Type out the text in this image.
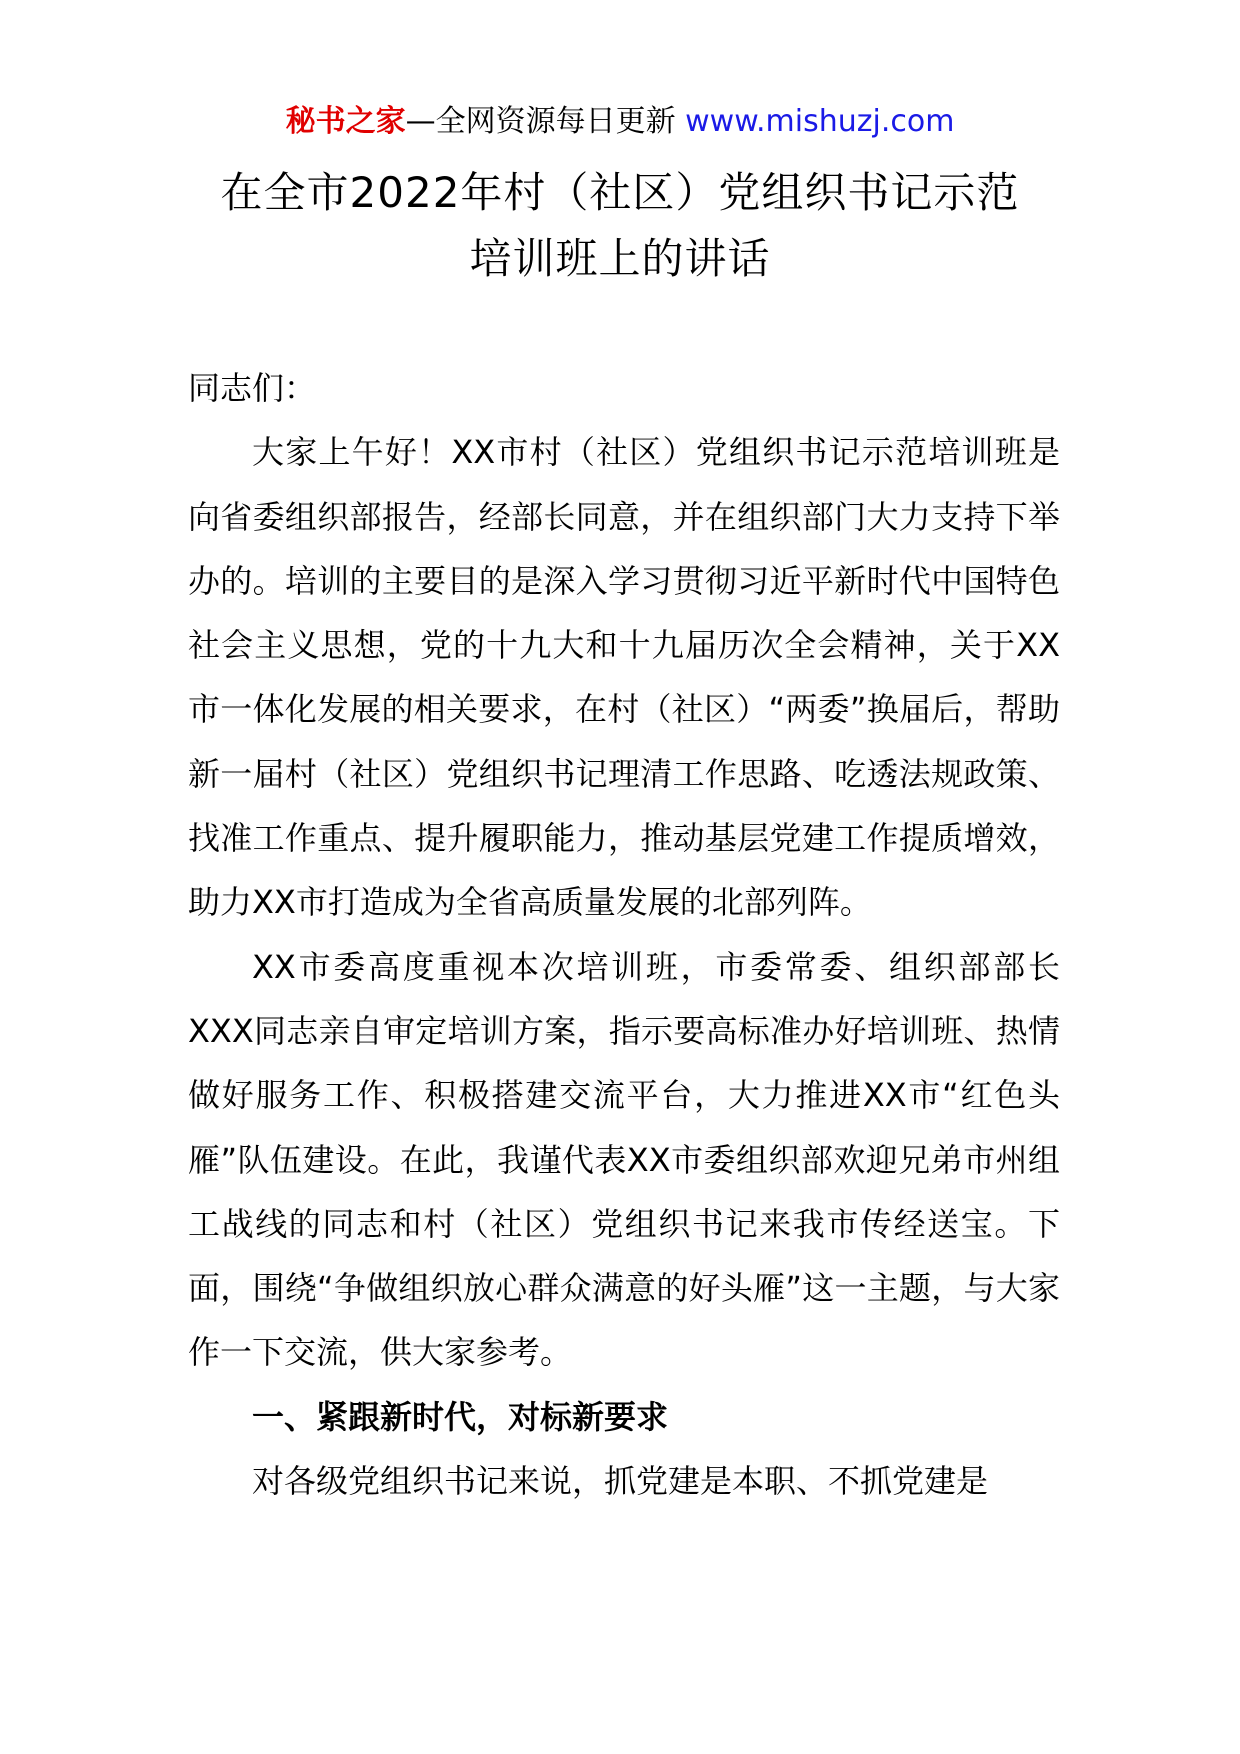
秘书之家—全网资源每日更新 www.mishuzj.com
在全市2022年村（社区）党组织书记示范
培训班上的讲话

同志们：

大家上午好！XX市村（社区）党组织书记示范培训班是向省委组织部报告，经部长同意，并在组织部门大力支持下举办的。培训的主要目的是深入学习贯彻习近平新时代中国特色社会主义思想，党的十九大和十九届历次全会精神，关于XX市一体化发展的相关要求，在村（社区）“两委”换届后，帮助新一届村（社区）党组织书记理清工作思路、吃透法规政策、找准工作重点、提升履职能力，推动基层党建工作提质增效，助力XX市打造成为全省高质量发展的北部列阵。

XX市委高度重视本次培训班，市委常委、组织部部长XXX同志亲自审定培训方案，指示要高标准办好培训班、热情做好服务工作、积极搭建交流平台，大力推进XX市“红色头雁”队伍建设。在此，我谨代表XX市委组织部欢迎兄弟市州组工战线的同志和村（社区）党组织书记来我市传经送宝。下面，围绕“争做组织放心群众满意的好头雁”这一主题，与大家作一下交流，供大家参考。

一、紧跟新时代，对标新要求

对各级党组织书记来说，抓党建是本职、不抓党建是
